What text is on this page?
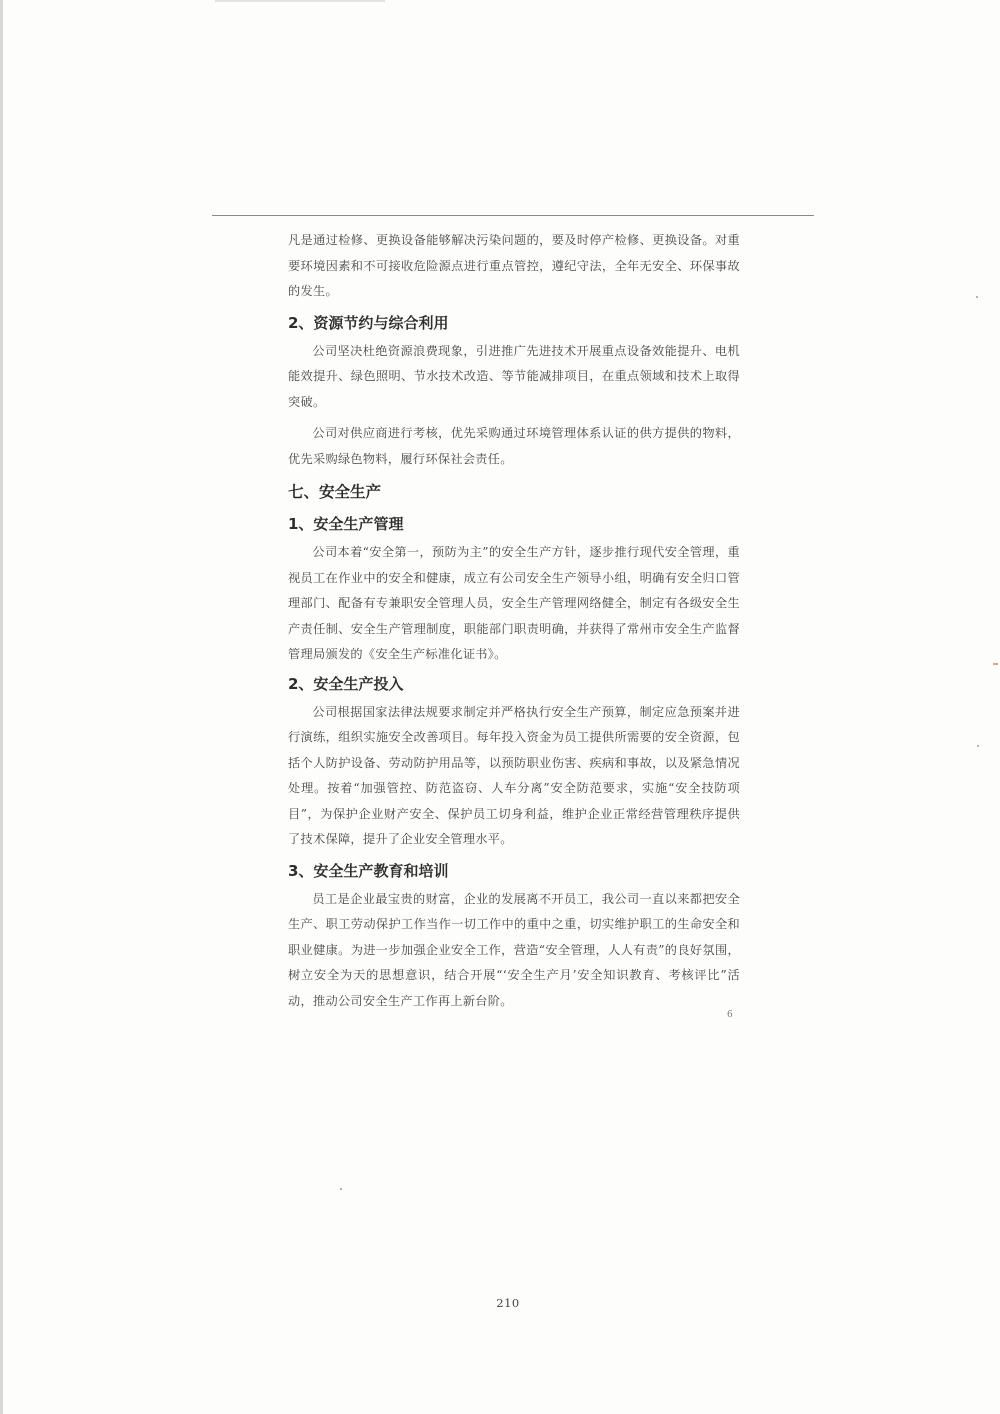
凡是通过检修、更换设备能够解决污染问题的，要及时停产检修、更换设备。对重要环境因素和不可接收危险源点进行重点管控，遵纪守法，全年无安全、环保事故的发生。

2、资源节约与综合利用

公司坚决杜绝资源浪费现象，引进推广先进技术开展重点设备效能提升、电机能效提升、绿色照明、节水技术改造、等节能减排项目，在重点领域和技术上取得突破。

公司对供应商进行考核，优先采购通过环境管理体系认证的供方提供的物料，优先采购绿色物料，履行环保社会责任。

七、安全生产
1、安全生产管理

公司本着“安全第一，预防为主”的安全生产方针，逐步推行现代安全管理，重视员工在作业中的安全和健康，成立有公司安全生产领导小组，明确有安全归口管理部门、配备有专兼职安全管理人员，安全生产管理网络健全，制定有各级安全生产责任制、安全生产管理制度，职能部门职责明确，并获得了常州市安全生产监督管理局颁发的《安全生产标准化证书》。

2、安全生产投入

公司根据国家法律法规要求制定并严格执行安全生产预算，制定应急预案并进行演练，组织实施安全改善项目。每年投入资金为员工提供所需要的安全资源，包括个人防护设备、劳动防护用品等，以预防职业伤害、疾病和事故，以及紧急情况处理。按着“加强管控、防范盗窃、人车分离”安全防范要求，实施“安全技防项目”，为保护企业财产安全、保护员工切身利益，维护企业正常经营管理秩序提供了技术保障，提升了企业安全管理水平。

3、安全生产教育和培训

员工是企业最宝贵的财富，企业的发展离不开员工，我公司一直以来都把安全生产、职工劳动保护工作当作一切工作中的重中之重，切实维护职工的生命安全和职业健康。为进一步加强企业安全工作，营造“安全管理，人人有责”的良好氛围，树立安全为天的思想意识，结合开展“‘安全生产月’安全知识教育、考核评比”活动，推动公司安全生产工作再上新台阶。

6
210
